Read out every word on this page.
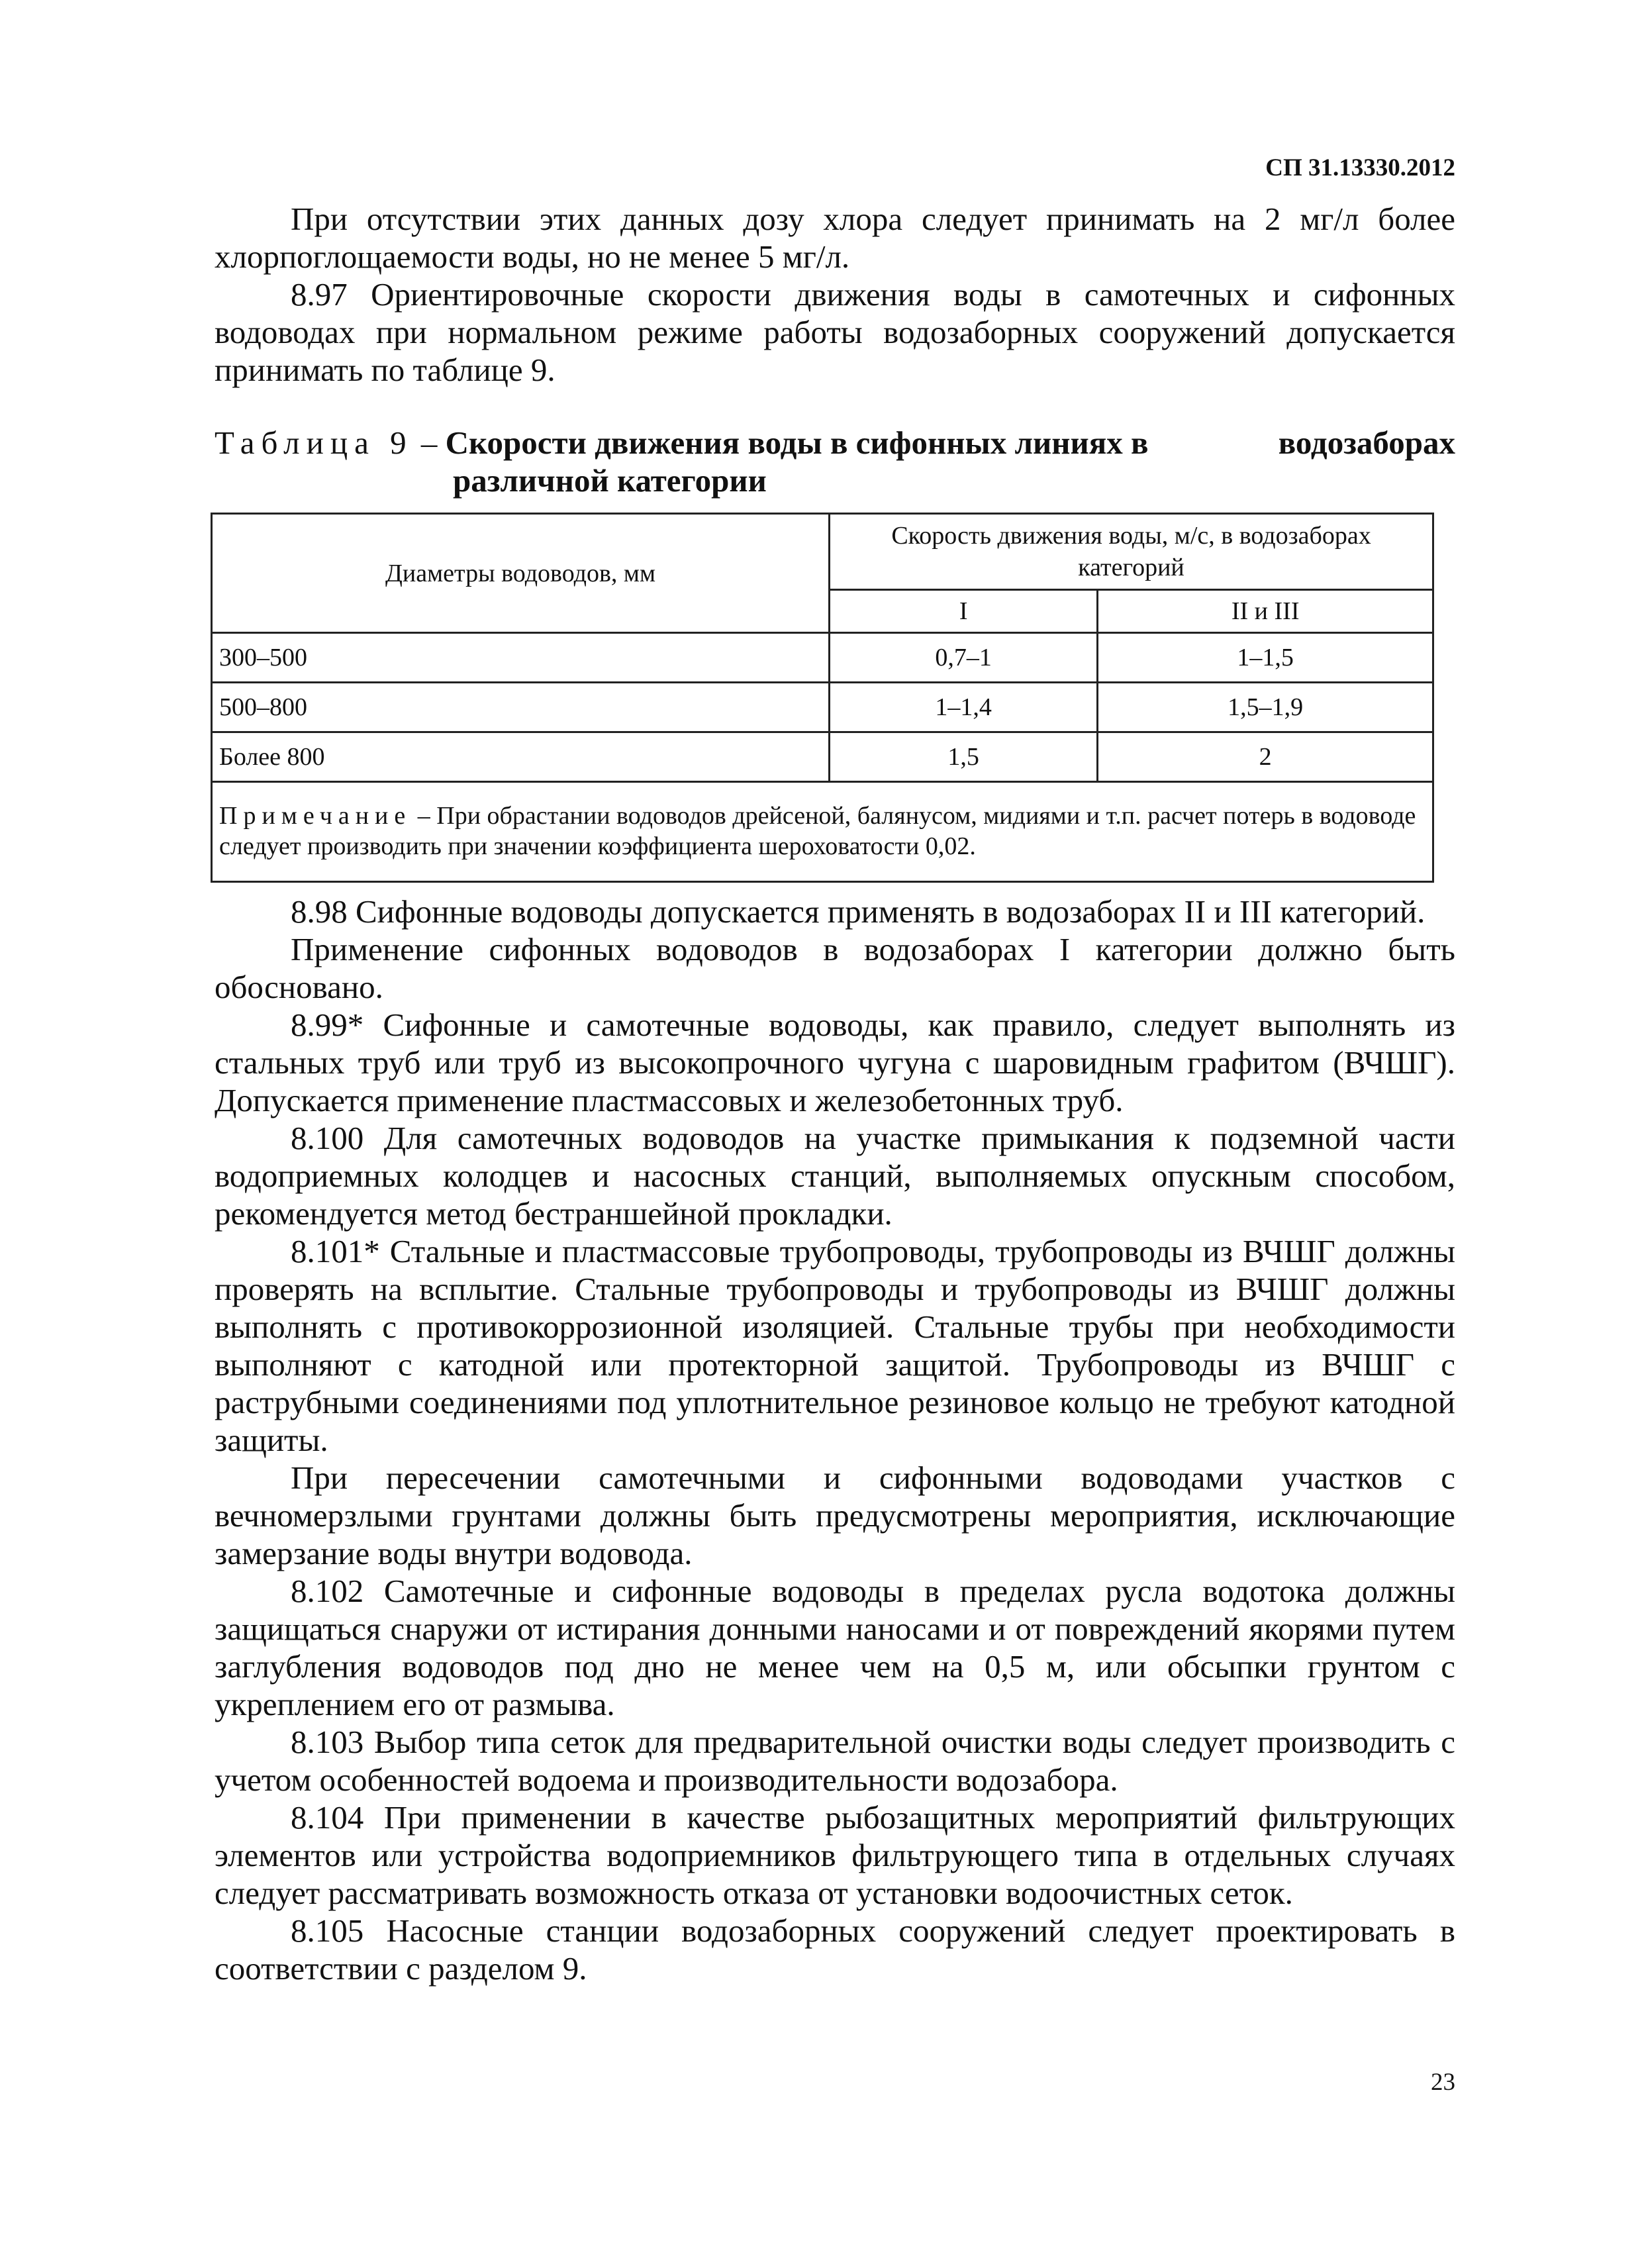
СП 31.13330.2012

При отсутствии этих данных дозу хлора следует принимать на 2 мг/л более хлорпоглощаемости воды, но не менее 5 мг/л.

8.97 Ориентировочные скорости движения воды в самотечных и сифонных водоводах при нормальном режиме работы водозаборных сооружений допускается принимать по таблице 9.

Таблица 9 – Скорости движения воды в сифонных линиях в	водозаборах
различной категории
Диаметры водоводов, мм	Скорость движения воды, м/с, в водозаборах категорий	
	I	II и III
300–500	0,7–1	1–1,5
500–800	1–1,4	1,5–1,9
Более 800	1,5	2
Примечание – При обрастании водоводов дрейсеной, балянусом, мидиями и т.п. расчет потерь в водоводе следует производить при значении коэффициента шероховатости 0,02.		

8.98 Сифонные водоводы допускается применять в водозаборах II и III категорий.

Применение сифонных водоводов в водозаборах I категории должно быть обосновано.

8.99* Сифонные и самотечные водоводы, как правило, следует выполнять из стальных труб или труб из высокопрочного чугуна с шаровидным графитом (ВЧШГ). Допускается применение пластмассовых и железобетонных труб.

8.100 Для самотечных водоводов на участке примыкания к подземной части водоприемных колодцев и насосных станций, выполняемых опускным способом, рекомендуется метод бестраншейной прокладки.

8.101* Стальные и пластмассовые трубопроводы, трубопроводы из ВЧШГ должны проверять на всплытие. Стальные трубопроводы и трубопроводы из ВЧШГ должны выполнять с противокоррозионной изоляцией. Стальные трубы при необходимости выполняют с катодной или протекторной защитой. Трубопроводы из ВЧШГ с раструбными соединениями под уплотнительное резиновое кольцо не требуют катодной защиты.

При пересечении самотечными и сифонными водоводами участков с вечномерзлыми грунтами должны быть предусмотрены мероприятия, исключающие замерзание воды внутри водовода.

8.102 Самотечные и сифонные водоводы в пределах русла водотока должны защищаться снаружи от истирания донными наносами и от повреждений якорями путем заглубления водоводов под дно не менее чем на 0,5 м, или обсыпки грунтом с укреплением его от размыва.

8.103 Выбор типа сеток для предварительной очистки воды следует производить с учетом особенностей водоема и производительности водозабора.

8.104 При применении в качестве рыбозащитных мероприятий фильтрующих элементов или устройства водоприемников фильтрующего типа в отдельных случаях следует рассматривать возможность отказа от установки водоочистных сеток.

8.105 Насосные станции водозаборных сооружений следует проектировать в соответствии с разделом 9.

23
